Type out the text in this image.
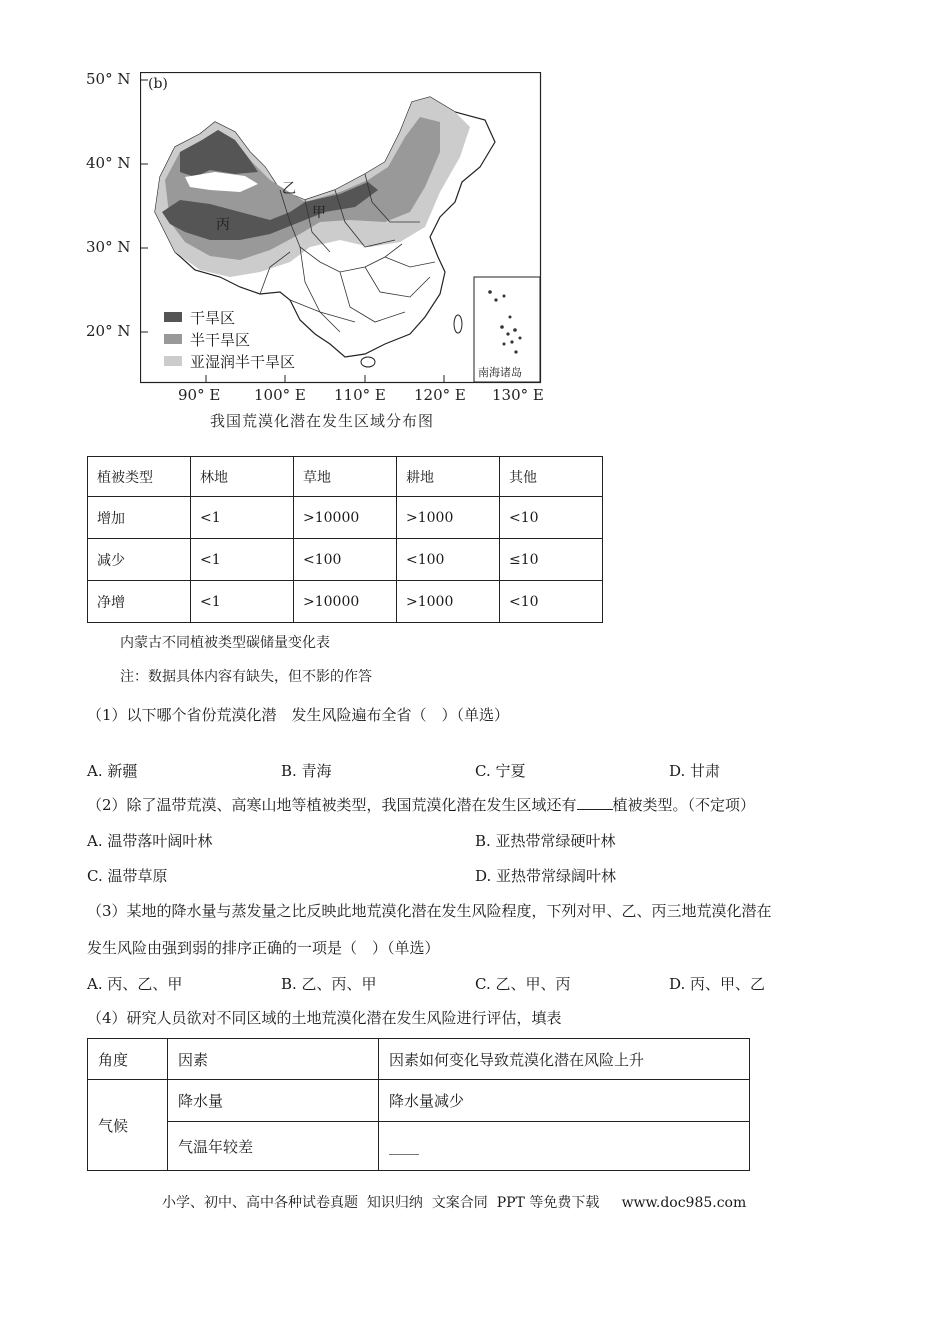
50° N
40° N
30° N
20° N
(b)
甲
乙
丙
干旱区
半干旱区
亚湿润半干旱区
南海诸岛
90° E 100° E 110° E 120° E 130° E
我国荒漠化潜在发生区域分布图
植被类型	林地	草地	耕地	其他
增加	<1	>10000	>1000	<10
减少	<1	<100	<100	≤10
净增	<1	>10000	>1000	<10
内蒙古不同植被类型碳储量变化表
注：数据具体内容有缺失，但不影的作答
（1）以下哪个省份荒漠化潜　发生风险遍布全省（　）（单选）
A. 新疆	B. 青海	C. 宁夏	D. 甘肃
（2）除了温带荒漠、高寒山地等植被类型，我国荒漠化潜在发生区域还有 植被类型。（不定项）
A. 温带落叶阔叶林	B. 亚热带常绿硬叶林
C. 温带草原	D. 亚热带常绿阔叶林
（3）某地的降水量与蒸发量之比反映此地荒漠化潜在发生风险程度，下列对甲、乙、丙三地荒漠化潜在
发生风险由强到弱的排序正确的一项是（　）（单选）
A. 丙、乙、甲	B. 乙、丙、甲	C. 乙、甲、丙	D. 丙、甲、乙
（4）研究人员欲对不同区域的土地荒漠化潜在发生风险进行评估，填表
角度	因素	因素如何变化导致荒漠化潜在风险上升
气候	降水量	降水量减少
	气温年较差	____
小学、初中、高中各种试卷真题  知识归纳  文案合同  PPT 等免费下载     www.doc985.com
